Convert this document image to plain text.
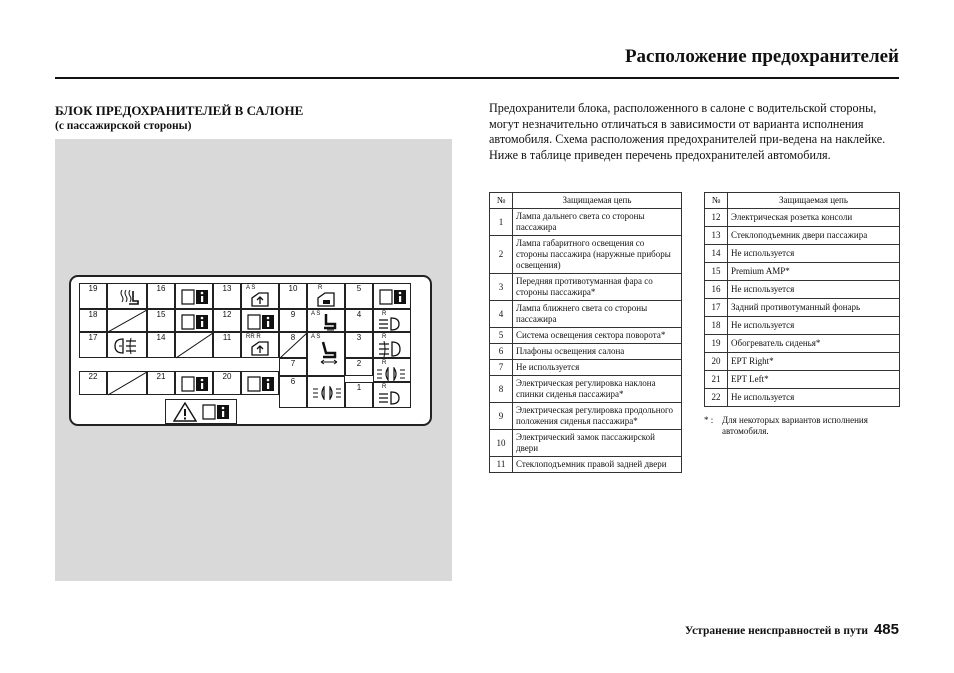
Расположение предохранителей
БЛОК ПРЕДОХРАНИТЕЛЕЙ В САЛОНЕ
(с пассажирской стороны)
19	16	13	A S	10	R	5
18	15	12	9	A S	4	R
17	14	11	RR R	8	A S	3	R
7	2	R
22	21	20
6
1	R

Предохранители блока, расположенного в салоне с водительской стороны, могут незначительно отличаться в зависимости от варианта исполнения автомобиля. Схема расположения предохранителей при-ведена на наклейке. Ниже в таблице приведен перечень предохранителей автомобиля.

№	Защищаемая цепь
1	Лампа дальнего света со стороны пассажира
2	Лампа габаритного освещения со стороны пассажира (наружные приборы освещения)
3	Передняя противотуманная фара со стороны пассажира*
4	Лампа ближнего света со стороны пассажира
5	Система освещения сектора поворота*
6	Плафоны освещения салона
7	Не используется
8	Электрическая регулировка наклона спинки сиденья пассажира*
9	Электрическая регулировка продольного положения сиденья пассажира*
10	Электрический замок пассажирской двери
11	Стеклоподъемник правой задней двери
№	Защищаемая цепь
12	Электрическая розетка консоли
13	Стеклоподъемник двери пассажира
14	Не используется
15	Premium AMP*
16	Не используется
17	Задний противотуманный фонарь
18	Не используется
19	Обогреватель сиденья*
20	EPT Right*
21	EPT Left*
22	Не используется
* : Для некоторых вариантов исполнения автомобиля.
Устранение неисправностей в пути 485
